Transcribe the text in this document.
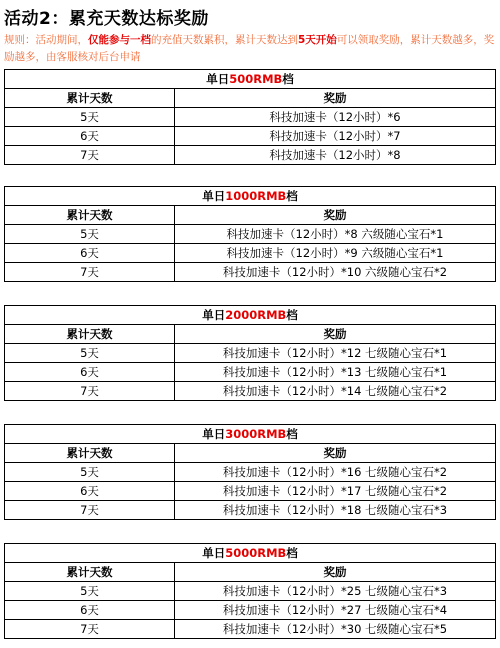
活动2：累充天数达标奖励
规则：活动期间，仅能参与一档的充值天数累积，累计天数达到5天开始可以领取奖励，累计天数越多，奖励越多，由客服核对后台申请
单日500RMB档	
累计天数	奖励
5天	科技加速卡（12小时）*6
6天	科技加速卡（12小时）*7
7天	科技加速卡（12小时）*8
单日1000RMB档	
累计天数	奖励
5天	科技加速卡（12小时）*8 六级随心宝石*1
6天	科技加速卡（12小时）*9 六级随心宝石*1
7天	科技加速卡（12小时）*10 六级随心宝石*2
单日2000RMB档	
累计天数	奖励
5天	科技加速卡（12小时）*12 七级随心宝石*1
6天	科技加速卡（12小时）*13 七级随心宝石*1
7天	科技加速卡（12小时）*14 七级随心宝石*2
单日3000RMB档	
累计天数	奖励
5天	科技加速卡（12小时）*16 七级随心宝石*2
6天	科技加速卡（12小时）*17 七级随心宝石*2
7天	科技加速卡（12小时）*18 七级随心宝石*3
单日5000RMB档	
累计天数	奖励
5天	科技加速卡（12小时）*25 七级随心宝石*3
6天	科技加速卡（12小时）*27 七级随心宝石*4
7天	科技加速卡（12小时）*30 七级随心宝石*5
